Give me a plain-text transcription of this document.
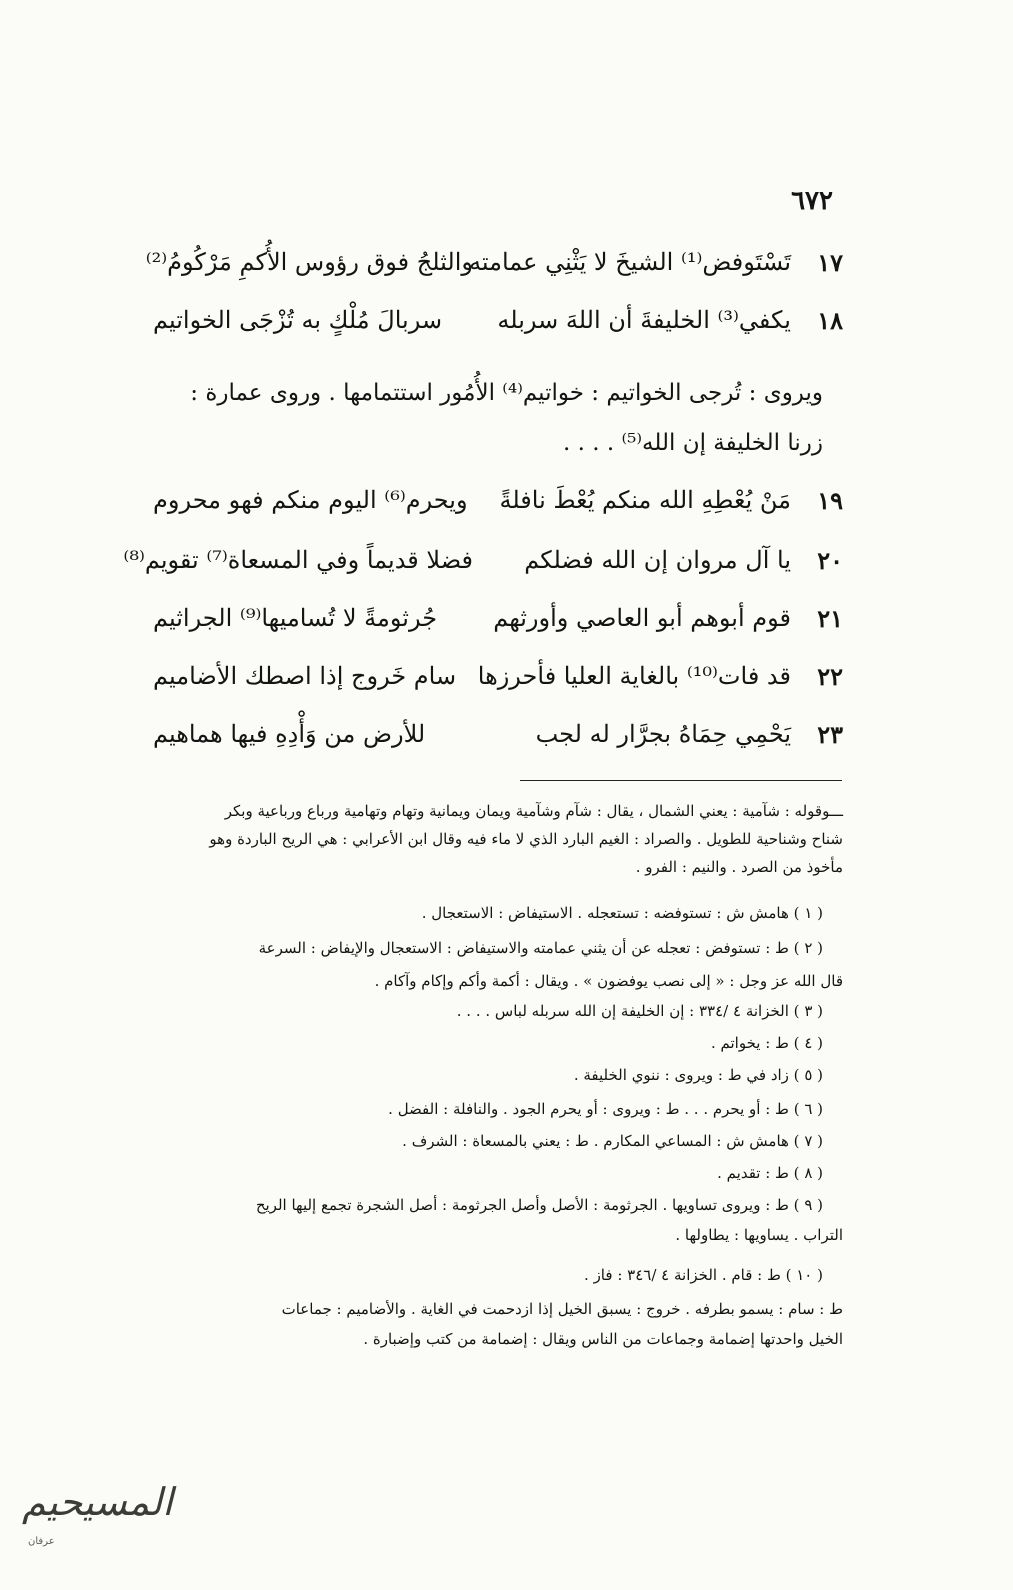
٦٧٢
١٧
تَسْتَوفض⁽¹⁾ الشيخَ لا يَثْنِي عمامته
والثلجُ فوق رؤوس الأُكمِ مَرْكُومُ⁽²⁾
١٨
يكفي⁽³⁾ الخليفةَ أن اللهَ سربله
سربالَ مُلْكٍ به تُزْجَى الخواتيم
ويروى : تُرجى الخواتيم : خواتيم⁽⁴⁾ الأُمُور استتمامها . وروى عمارة :
زرنا الخليفة إن الله⁽⁵⁾ . . . .
١٩
مَنْ يُعْطِهِ الله منكم يُعْطَ نافلةً
ويحرم⁽⁶⁾ اليوم منكم فهو محروم
٢٠
يا آل مروان إن الله فضلكم
فضلا قديماً وفي المسعاة⁽⁷⁾ تقويم⁽⁸⁾
٢١
قوم أبوهم أبو العاصي وأورثهم
جُرثومةً لا تُساميها⁽⁹⁾ الجراثيم
٢٢
قد فات⁽¹⁰⁾ بالغاية العليا فأحرزها
سام خَروج إذا اصطك الأضاميم
٢٣
يَحْمِي حِمَاهُ بجرَّار له لجب
للأرض من وَأْدِهِ فيها هماهيم
ـــوقوله : شآمية : يعني الشمال ، يقال : شآم وشآمية ويمان ويمانية وتهام وتهامية ورباع ورباعية وبكر
شناح وشناحية للطويل . والصراد : الغيم البارد الذي لا ماء فيه وقال ابن الأعرابي : هي الريح الباردة وهو
مأخوذ من الصرد . والنيم : الفرو .
( ١ ) هامش ش : تستوفضه : تستعجله . الاستيفاض : الاستعجال .
( ٢ ) ط : تستوفض : تعجله عن أن يثني عمامته والاستيفاض : الاستعجال والإيفاض : السرعة
قال الله عز وجل : « إلى نصب يوفضون » . ويقال : أكمة وأكم وإكام وآكام .
( ٣ ) الخزانة ٤ /٣٣٤ : إن الخليفة إن الله سربله لباس . . . .
( ٤ ) ط : يخواتم .
( ٥ ) زاد في ط : ويروى : ننوي الخليفة .
( ٦ ) ط : أو يحرم . . . ط : ويروى : أو يحرم الجود . والنافلة : الفضل .
( ٧ ) هامش ش : المساعي المكارم . ط : يعني بالمسعاة : الشرف .
( ٨ ) ط : تقديم .
( ٩ ) ط : ويروى تساويها . الجرثومة : الأصل وأصل الجرثومة : أصل الشجرة تجمع إليها الريح
التراب . يساويها : يطاولها .
( ١٠ ) ط : قام . الخزانة ٤ /٣٤٦ : فاز .
ط : سام : يسمو بطرفه . خروج : يسبق الخيل إذا ازدحمت في الغاية . والأضاميم : جماعات
الخيل واحدتها إضمامة وجماعات من الناس ويقال : إضمامة من كتب وإضبارة .
المسيحيم
عرفان
